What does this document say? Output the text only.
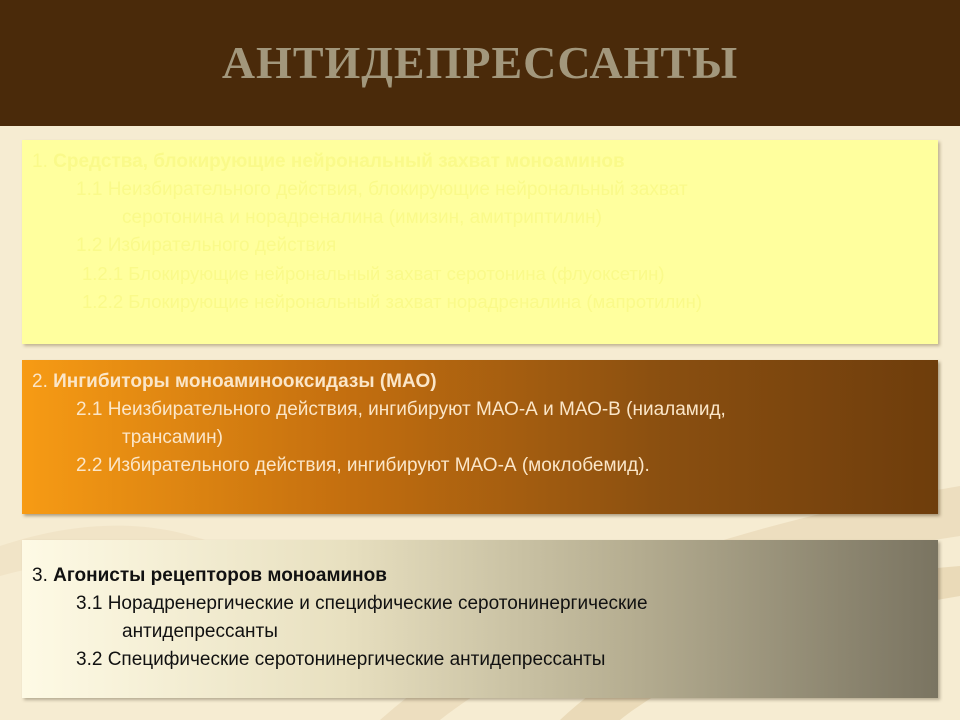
АНТИДЕПРЕССАНТЫ
1. Средства, блокирующие нейрональный захват моноаминов
1.1 Неизбирательного действия, блокирующие нейрональный захват
серотонина и норадреналина (имизин, амитриптилин)
1.2 Избирательного действия
1.2.1 Блокирующие нейрональный захват серотонина (флуоксетин)
1.2.2 Блокирующие нейрональный захват норадреналина (мапротилин)
2. Ингибиторы моноаминооксидазы (МАО)
2.1 Неизбирательного действия, ингибируют МАО-А и МАО-В (ниаламид,
трансамин)
2.2 Избирательного действия, ингибируют МАО-А (моклобемид).
3. Агонисты рецепторов моноаминов
3.1 Норадренергические и специфические серотонинергические
антидепрессанты
3.2 Специфические серотонинергические антидепрессанты
